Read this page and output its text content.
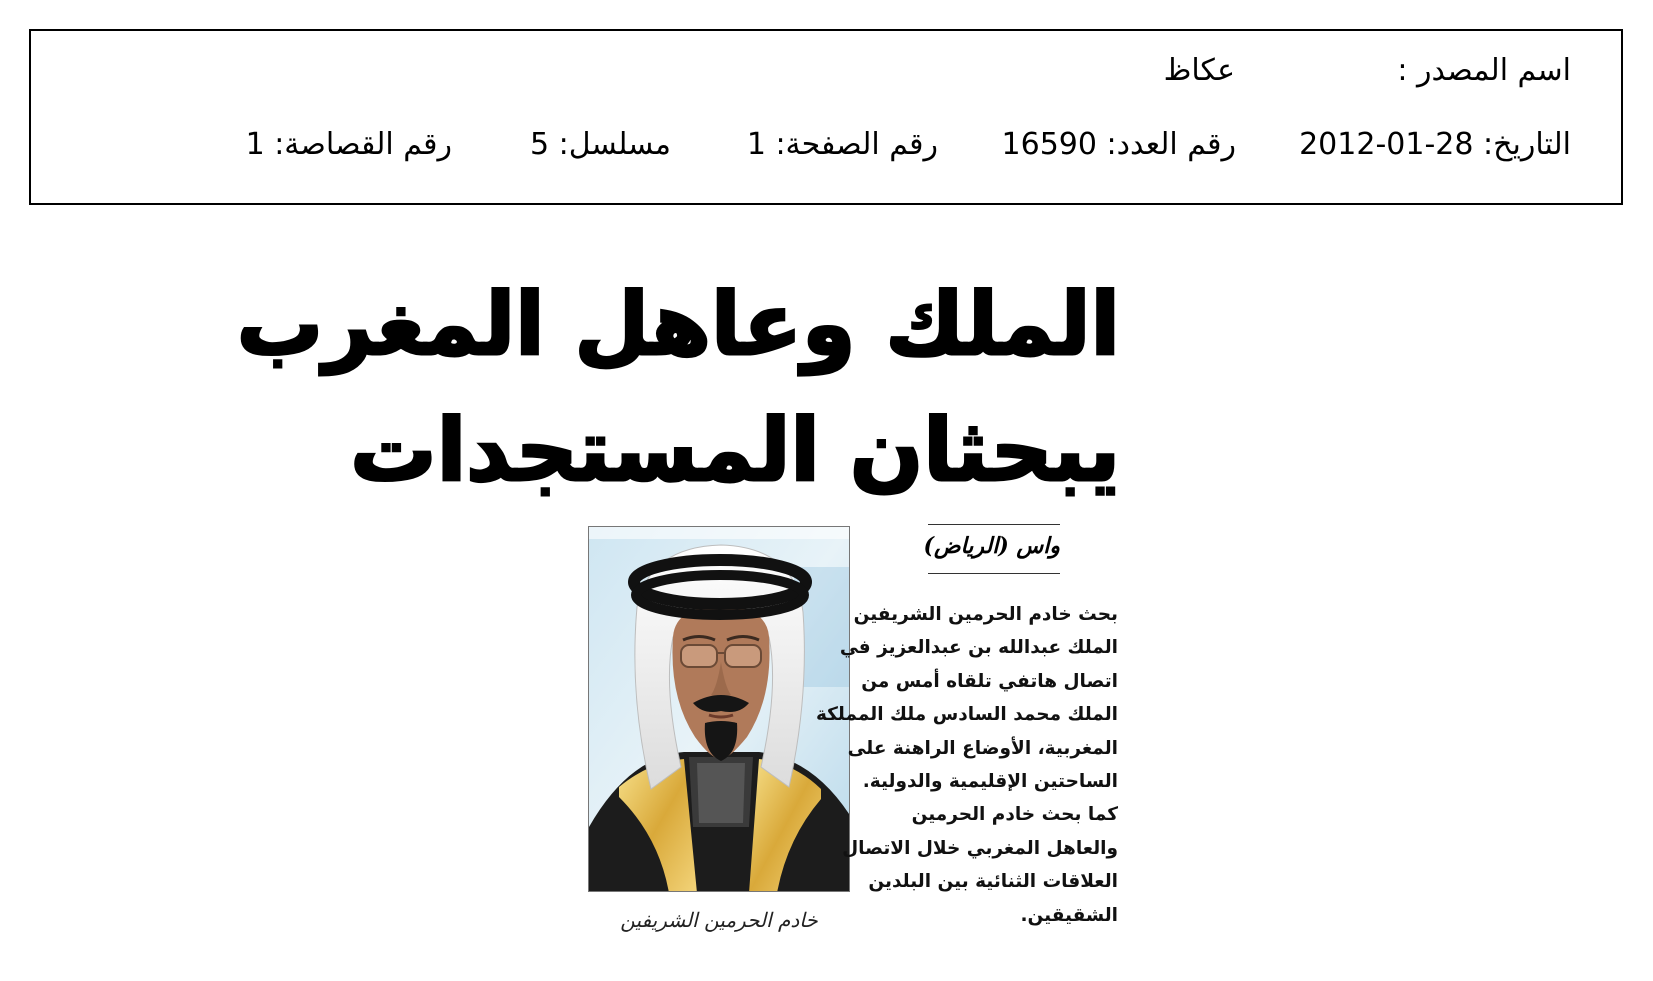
اسم المصدر :
عكاظ
التاريخ: 28-01-2012
رقم العدد: 16590
رقم الصفحة: 1
مسلسل: 5
رقم القصاصة: 1
الملك وعاهل المغرب
يبحثان المستجدات
خادم الحرمين الشريفين
واس (الرياض)
بحث خادم الحرمين الشريفين
الملك عبدالله بن عبدالعزيز في
اتصال هاتفي تلقاه أمس من
الملك محمد السادس ملك المملكة
المغربية، الأوضاع الراهنة على
الساحتين الإقليمية والدولية.
كما بحث خادم الحرمين
والعاهل المغربي خلال الاتصال
العلاقات الثنائية بين البلدين
الشقيقين.
